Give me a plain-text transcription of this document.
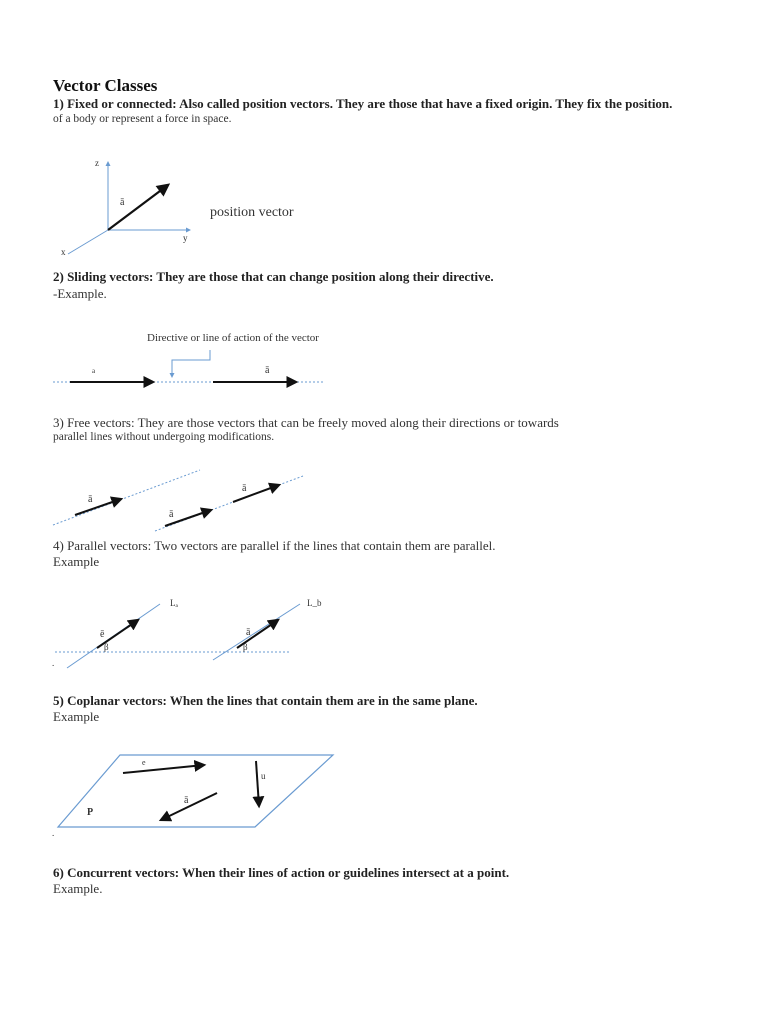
Vector Classes
1) Fixed or connected: Also called position vectors. They are those that have a fixed origin. They fix the position.
of a body or represent a force in space.
z
y
x
ā
position vector
2) Sliding vectors: They are those that can change position along their directive.
-Example.
Directive or line of action of the vector
a	ā
3) Free vectors: They are those vectors that can be freely moved along their directions or towards
parallel lines without undergoing modifications.
ā
ā
ā
4) Parallel vectors: Two vectors are parallel if the lines that contain them are parallel.
Example
Lₐ	L_b
ē	ā
β	β
.
5) Coplanar vectors: When the lines that contain them are in the same plane.
Example
e
u
ā
P
.
6) Concurrent vectors: When their lines of action or guidelines intersect at a point.
Example.
